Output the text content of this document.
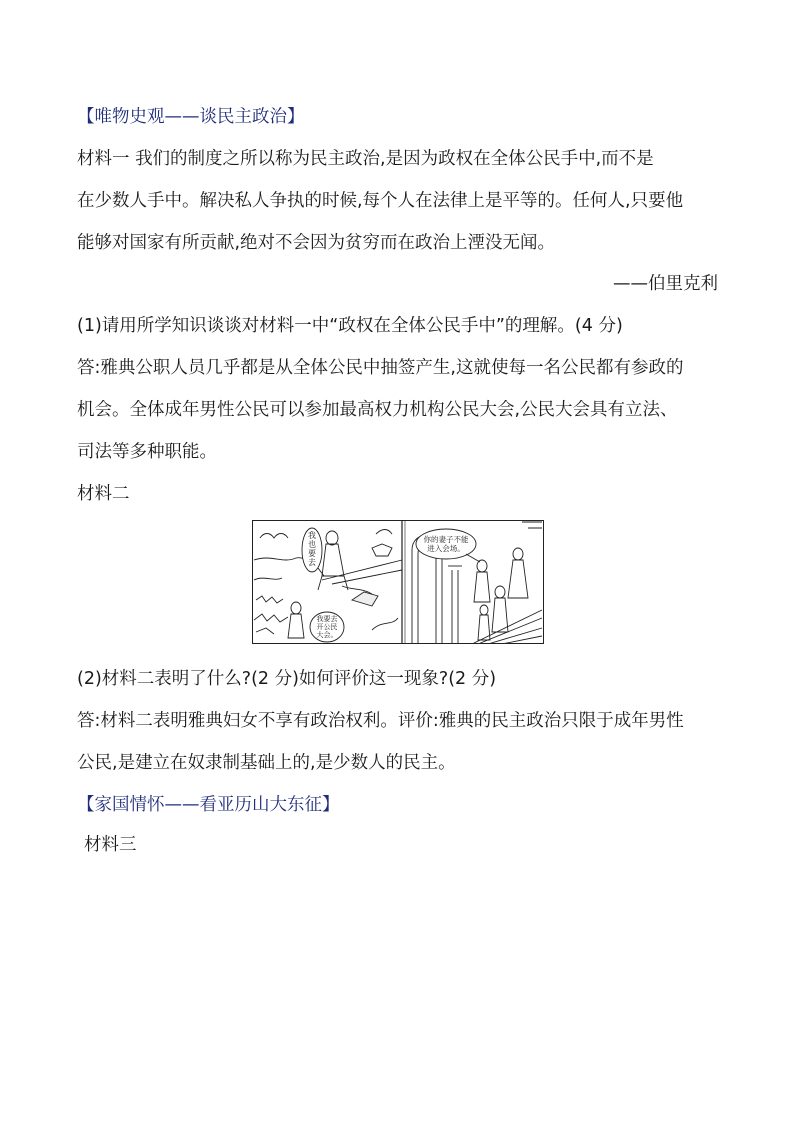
【唯物史观——谈民主政治】
材料一 我们的制度之所以称为民主政治,是因为政权在全体公民手中,而不是
在少数人手中。解决私人争执的时候,每个人在法律上是平等的。任何人,只要他
能够对国家有所贡献,绝对不会因为贫穷而在政治上湮没无闻。
——伯里克利
(1)请用所学知识谈谈对材料一中“政权在全体公民手中”的理解。(4 分)
答:雅典公职人员几乎都是从全体公民中抽签产生,这就使每一名公民都有参政的
机会。全体成年男性公民可以参加最高权力机构公民大会,公民大会具有立法、
司法等多种职能。
材料二
我
也
要
去
我要去
开公民
大会。
你的妻子不能
进入会场。
(2)材料二表明了什么?(2 分)如何评价这一现象?(2 分)
答:材料二表明雅典妇女不享有政治权利。评价:雅典的民主政治只限于成年男性
公民,是建立在奴隶制基础上的,是少数人的民主。
【家国情怀——看亚历山大东征】
材料三
